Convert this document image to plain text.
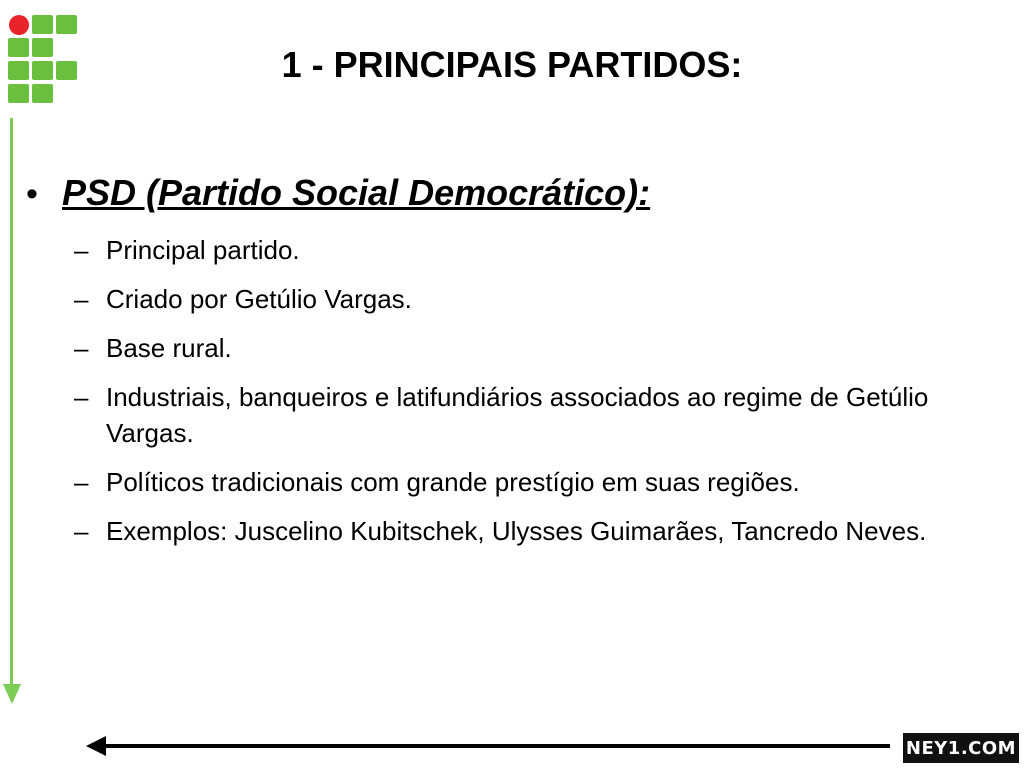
1 - PRINCIPAIS PARTIDOS:
• PSD (Partido Social Democrático):
– Principal partido.
– Criado por Getúlio Vargas.
– Base rural.
– Industriais, banqueiros e latifundiários associados ao regime de Getúlio Vargas.
– Políticos tradicionais com grande prestígio em suas regiões.
– Exemplos: Juscelino Kubitschek, Ulysses Guimarães, Tancredo Neves.
NEY1.COM
